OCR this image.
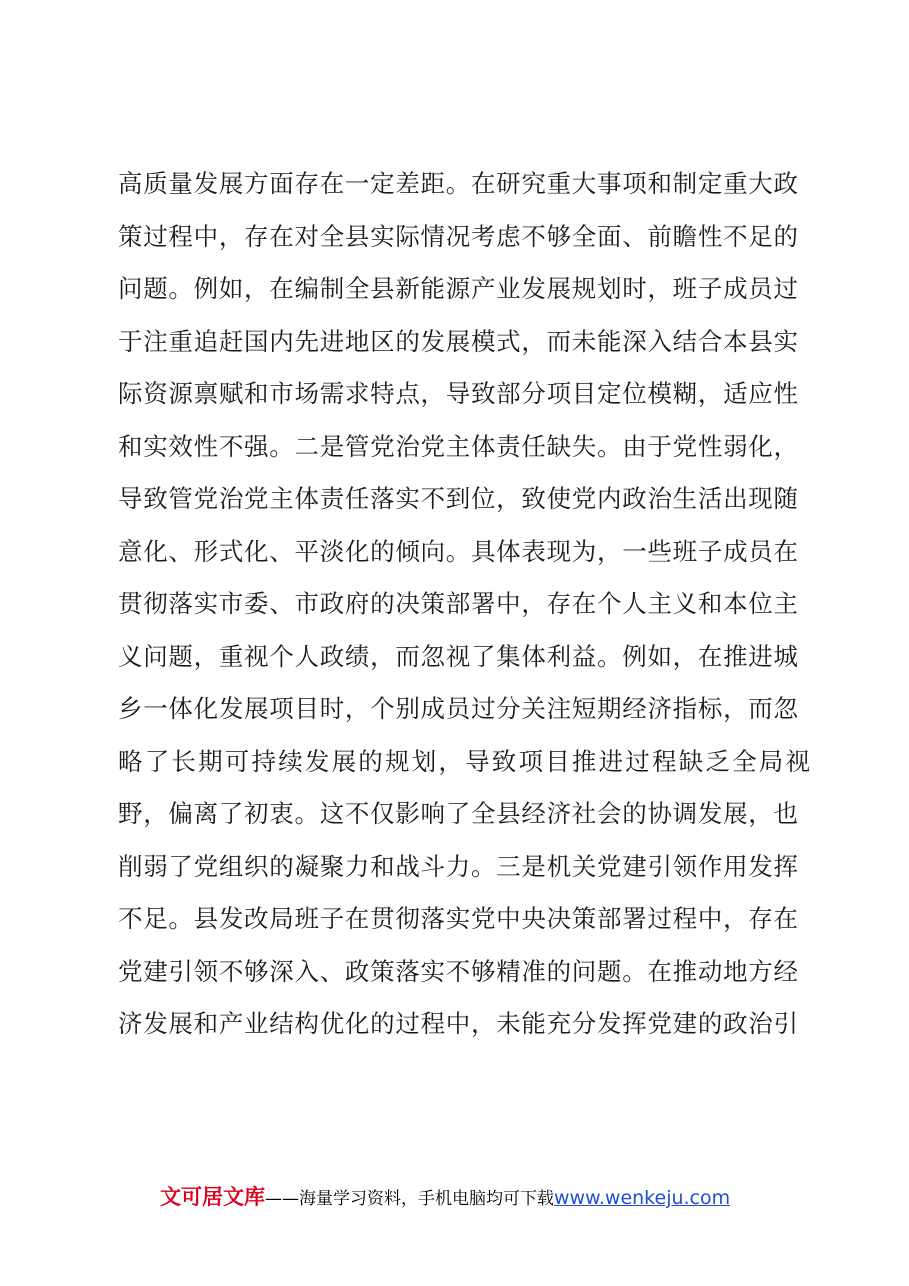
高质量发展方面存在一定差距。在研究重大事项和制定重大政
策过程中，存在对全县实际情况考虑不够全面、前瞻性不足的
问题。例如，在编制全县新能源产业发展规划时，班子成员过
于注重追赶国内先进地区的发展模式，而未能深入结合本县实
际资源禀赋和市场需求特点，导致部分项目定位模糊，适应性
和实效性不强。二是管党治党主体责任缺失。由于党性弱化，
导致管党治党主体责任落实不到位，致使党内政治生活出现随
意化、形式化、平淡化的倾向。具体表现为，一些班子成员在
贯彻落实市委、市政府的决策部署中，存在个人主义和本位主
义问题，重视个人政绩，而忽视了集体利益。例如，在推进城
乡一体化发展项目时，个别成员过分关注短期经济指标，而忽
略了长期可持续发展的规划，导致项目推进过程缺乏全局视
野，偏离了初衷。这不仅影响了全县经济社会的协调发展，也
削弱了党组织的凝聚力和战斗力。三是机关党建引领作用发挥
不足。县发改局班子在贯彻落实党中央决策部署过程中，存在
党建引领不够深入、政策落实不够精准的问题。在推动地方经
济发展和产业结构优化的过程中，未能充分发挥党建的政治引
文可居文库——海量学习资料，手机电脑均可下载www.wenkeju.com
